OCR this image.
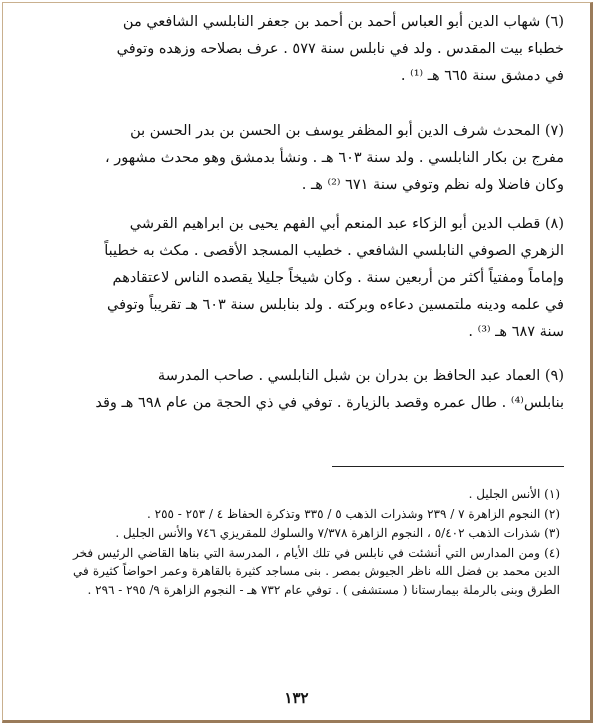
(٦) شهاب الدين أبو العباس أحمد بن أحمد بن جعفر النابلسي الشافعي من

خطباء بيت المقدس . ولد في نابلس سنة ٥٧٧ . عرف بصلاحه وزهده وتوفي

في دمشق سنة ٦٦٥ هـ ⁽¹⁾ .

(٧) المحدث شرف الدين أبو المظفر يوسف بن الحسن بن بدر الحسن بن

مفرج بن بكار النابلسي . ولد سنة ٦٠٣ هـ . ونشأ بدمشق وهو محدث مشهور ،

وكان فاضلا وله نظم وتوفي سنة ٦٧١ ⁽²⁾ هـ .

(٨) قطب الدين أبو الزكاء عبد المنعم أبي الفهم يحيى بن ابراهيم القرشي

الزهري الصوفي النابلسي الشافعي . خطيب المسجد الأقصى . مكث به خطيباً

وإماماً ومفتياً أكثر من أربعين سنة . وكان شيخاً جليلا يقصده الناس لاعتقادهم

في علمه ودينه ملتمسين دعاءه وبركته . ولد بنابلس سنة ٦٠٣ هـ تقريباً وتوفي

سنة ٦٨٧ هـ ⁽³⁾ .

(٩) العماد عبد الحافظ بن بدران بن شبل النابلسي . صاحب المدرسة

بنابلس⁽⁴⁾ . طال عمره وقصد بالزيارة . توفي في ذي الحجة من عام ٦٩٨ هـ وقد

(١) الأنس الجليل .

(٢) النجوم الزاهرة ٧ / ٢٣٩ وشذرات الذهب ٥ / ٣٣٥ وتذكرة الحفاظ ٤ / ٢٥٣ - ٢٥٥ .

(٣) شذرات الذهب ٥/٤٠٢ ، النجوم الزاهرة ٧/٣٧٨ والسلوك للمقريزي ٧٤٦ والأنس الجليل .

(٤) ومن المدارس التي أنشئت في نابلس في تلك الأيام ، المدرسة التي بناها القاضي الرئيس فخر الدين محمد بن فضل الله ناظر الجيوش بمصر . بنى مساجد كثيرة بالقاهرة وعمر احواضاً كثيرة في الطرق وبنى بالرملة بيمارستانا ( مستشفى ) . توفي عام ٧٣٢ هـ - النجوم الزاهرة ٩/ ٢٩٥ - ٢٩٦ .

١٣٢
